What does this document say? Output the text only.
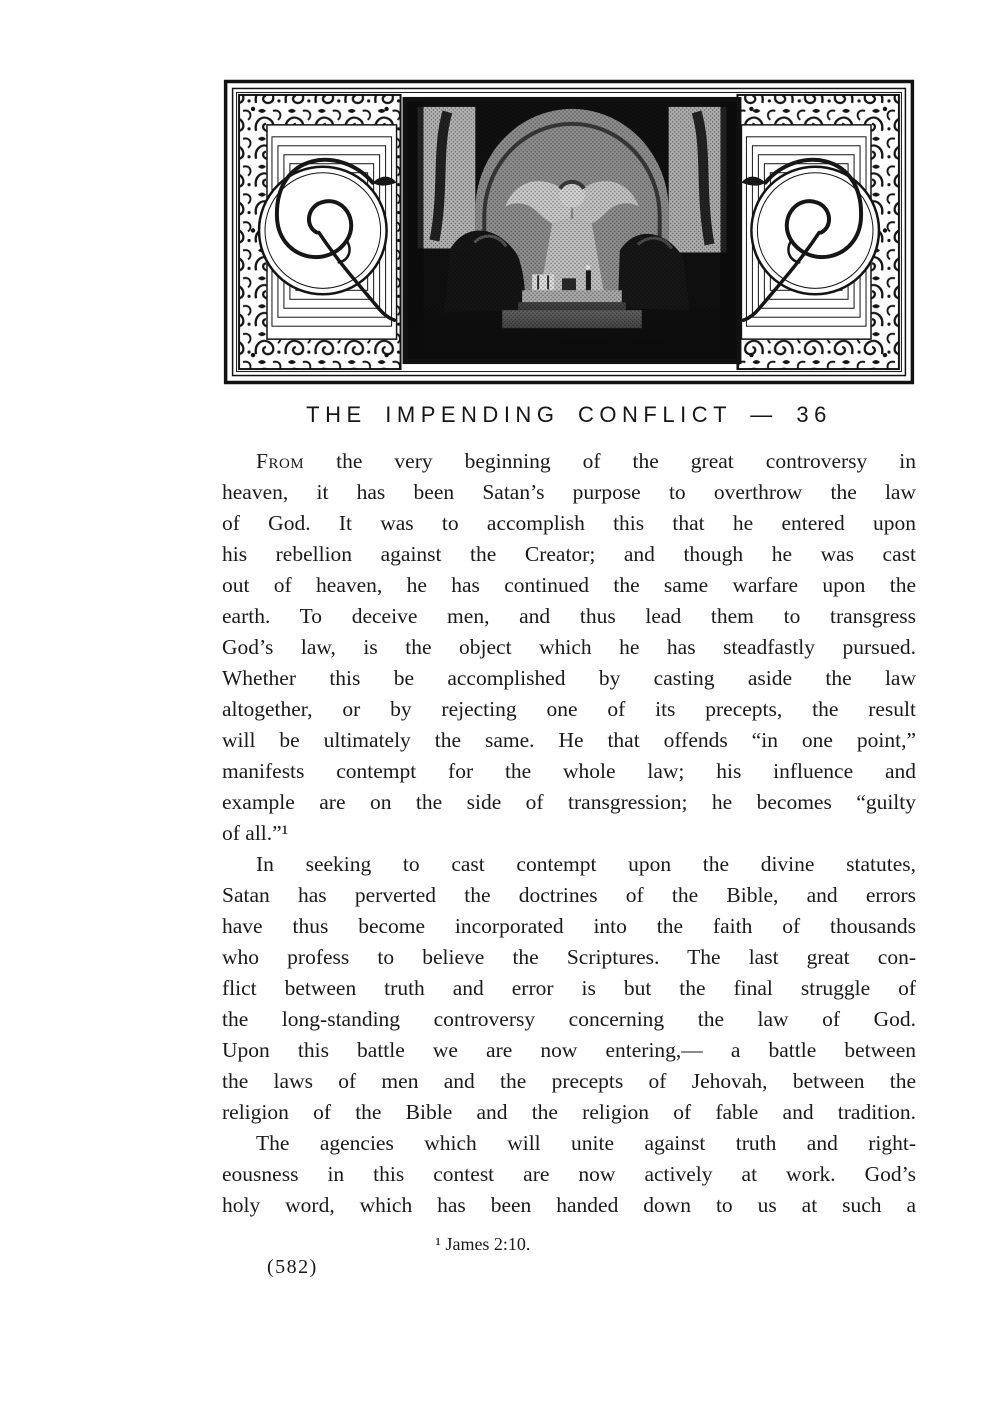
THE IMPENDING CONFLICT — 36
From the very beginning of the great controversy in
heaven, it has been Satan’s purpose to overthrow the law
of God. It was to accomplish this that he entered upon
his rebellion against the Creator; and though he was cast
out of heaven, he has continued the same warfare upon the
earth. To deceive men, and thus lead them to transgress
God’s law, is the object which he has steadfastly pursued.
Whether this be accomplished by casting aside the law
altogether, or by rejecting one of its precepts, the result
will be ultimately the same. He that offends “in one point,”
manifests contempt for the whole law; his influence and
example are on the side of transgression; he becomes “guilty
of all.”¹
In seeking to cast contempt upon the divine statutes,
Satan has perverted the doctrines of the Bible, and errors
have thus become incorporated into the faith of thousands
who profess to believe the Scriptures. The last great con-
flict between truth and error is but the final struggle of
the long-standing controversy concerning the law of God.
Upon this battle we are now entering,— a battle between
the laws of men and the precepts of Jehovah, between the
religion of the Bible and the religion of fable and tradition.
The agencies which will unite against truth and right-
eousness in this contest are now actively at work. God’s
holy word, which has been handed down to us at such a
¹ James 2:10.
(582)
